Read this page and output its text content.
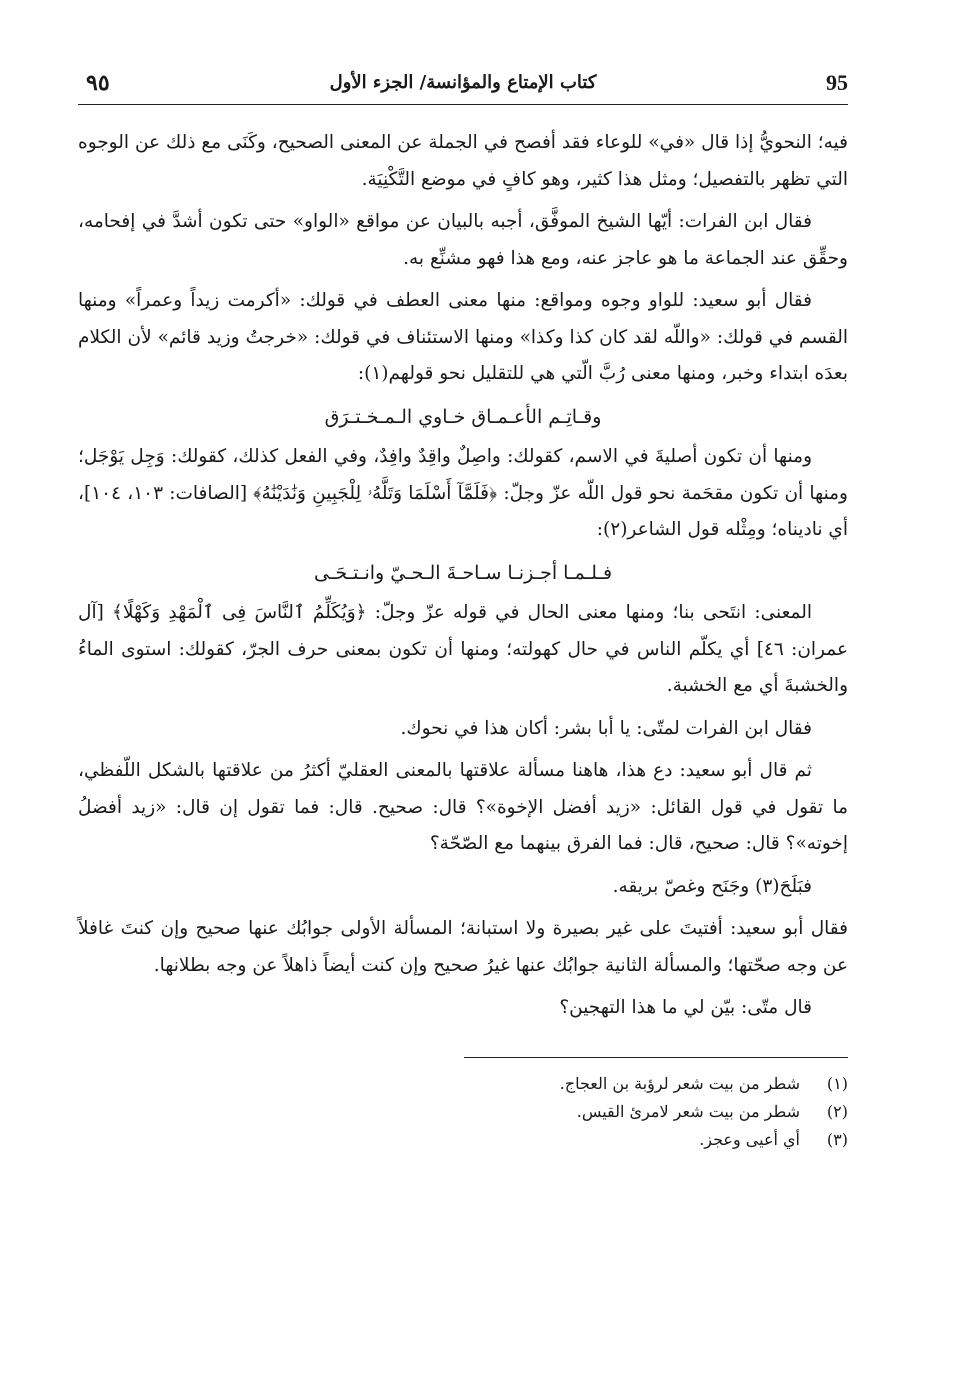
95
كتاب الإمتاع والمؤانسة/ الجزء الأول
٩٥

فيه؛ النحويُّ إذا قال «في» للوعاء فقد أفصح في الجملة عن المعنى الصحيح، وكَنَى مع ذلك عن الوجوه التي تظهر بالتفصيل؛ ومثل هذا كثير، وهو كافٍ في موضع التَّكْنِيَة.

فقال ابن الفرات: أيّها الشيخ الموفَّق، أجبه بالبيان عن مواقع «الواو» حتى تكون أشدَّ في إفحامه، وحقِّق عند الجماعة ما هو عاجز عنه، ومع هذا فهو مشنِّع به.

فقال أبو سعيد: للواو وجوه ومواقع: منها معنى العطف في قولك: «أكرمت زيداً وعمراً» ومنها القسم في قولك: «واللّه لقد كان كذا وكذا» ومنها الاستئناف في قولك: «خرجتُ وزيد قائم» لأن الكلام بعدَه ابتداء وخبر، ومنها معنى رُبَّ الّتي هي للتقليل نحو قولهم(١):

وقـاتِـم الأعـمـاق خـاوي الـمـخـتـرَق

ومنها أن تكون أصليةَ في الاسم، كقولك: واصِلٌ واقِدٌ وافِدٌ، وفي الفعل كذلك، كقولك: وَجِل يَوْجَل؛ ومنها أن تكون مقحَمة نحو قول اللّه عزّ وجلّ: ﴿فَلَمَّآ أَسْلَمَا وَتَلَّهُۥ لِلْجَبِينِ وَنَٰدَيْنَٰهُ﴾ [الصافات: ١٠٣، ١٠٤]، أي ناديناه؛ ومِثْله قول الشاعر(٢):

فـلـمـا أجـزنـا سـاحـةَ الـحـيّ وانـتـحَـى

المعنى: انتَحى بنا؛ ومنها معنى الحال في قوله عزّ وجلّ: ﴿وَيُكَلِّمُ ٱلنَّاسَ فِى ٱلْمَهْدِ وَكَهْلًا﴾ [آل عمران: ٤٦] أي يكلّم الناس في حال كهولته؛ ومنها أن تكون بمعنى حرف الجرّ، كقولك: استوى الماءُ والخشبةَ أي مع الخشبة.

فقال ابن الفرات لمتّى: يا أبا بشر: أكان هذا في نحوك.

ثم قال أبو سعيد: دع هذا، هاهنا مسألة علاقتها بالمعنى العقليّ أكثرُ من علاقتها بالشكل اللّفظي، ما تقول في قول القائل: «زيد أفضل الإخوة»؟ قال: صحيح. قال: فما تقول إن قال: «زيد أفضلُ إخوته»؟ قال: صحيح، قال: فما الفرق بينهما مع الصّحّة؟

فبَلَحَ(٣) وجَنَح وغصّ بريقه.

فقال أبو سعيد: أفتيتَ على غير بصيرة ولا استبانة؛ المسألة الأولى جوابُك عنها صحيح وإن كنتَ غافلاً عن وجه صحّتها؛ والمسألة الثانية جوابُك عنها غيرُ صحيح وإن كنت أيضاً ذاهلاً عن وجه بطلانها.

قال متّى: بيّن لي ما هذا التهجين؟

(١)
شطر من بيت شعر لرؤبة بن العجاج.
(٢)
شطر من بيت شعر لامرئ القيس.
(٣)
أي أعيى وعجز.
